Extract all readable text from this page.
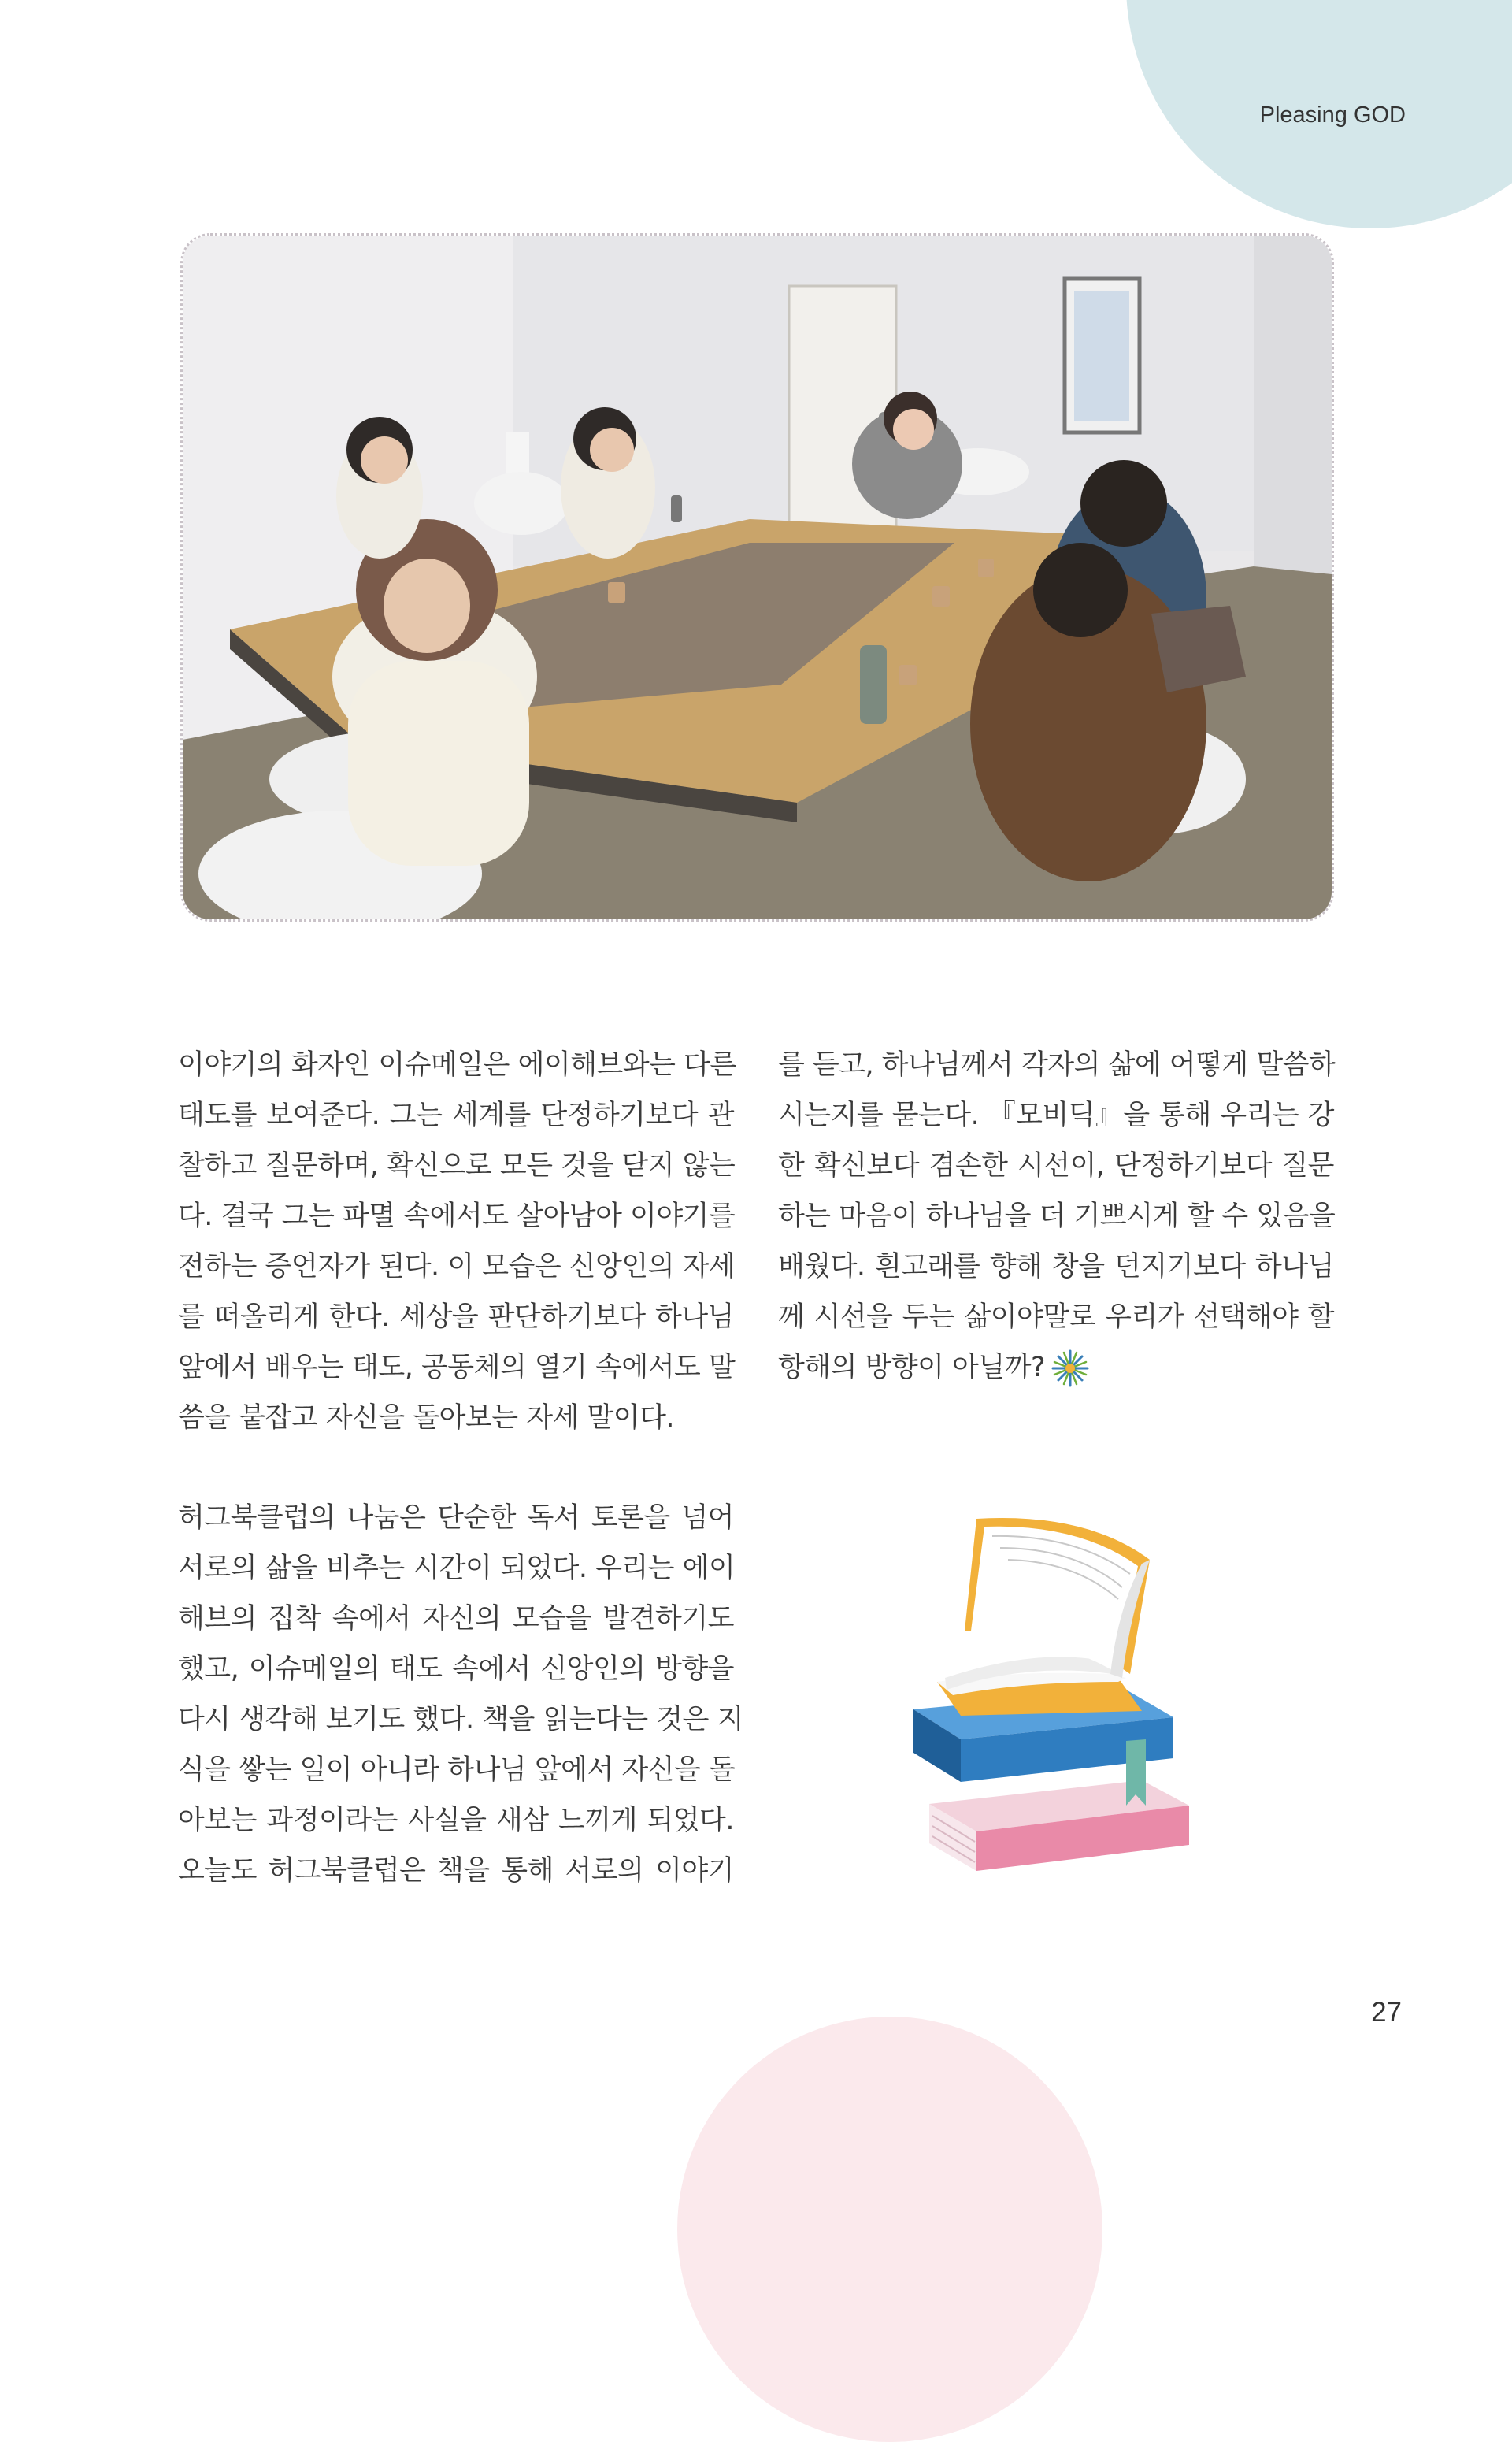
Pleasing GOD

이야기의 화자인 이슈메일은 에이해브와는 다른
태도를 보여준다. 그는 세계를 단정하기보다 관
찰하고 질문하며, 확신으로 모든 것을 닫지 않는
다. 결국 그는 파멸 속에서도 살아남아 이야기를
전하는 증언자가 된다. 이 모습은 신앙인의 자세
를 떠올리게 한다. 세상을 판단하기보다 하나님
앞에서 배우는 태도, 공동체의 열기 속에서도 말
씀을 붙잡고 자신을 돌아보는 자세 말이다.

허그북클럽의 나눔은 단순한 독서 토론을 넘어
서로의 삶을 비추는 시간이 되었다. 우리는 에이
해브의 집착 속에서 자신의 모습을 발견하기도
했고, 이슈메일의 태도 속에서 신앙인의 방향을
다시 생각해 보기도 했다. 책을 읽는다는 것은 지
식을 쌓는 일이 아니라 하나님 앞에서 자신을 돌
아보는 과정이라는 사실을 새삼 느끼게 되었다.
오늘도 허그북클럽은 책을 통해 서로의 이야기

를 듣고, 하나님께서 각자의 삶에 어떻게 말씀하
시는지를 묻는다. 『모비딕』을 통해 우리는 강
한 확신보다 겸손한 시선이, 단정하기보다 질문
하는 마음이 하나님을 더 기쁘시게 할 수 있음을
배웠다. 흰고래를 향해 창을 던지기보다 하나님
께 시선을 두는 삶이야말로 우리가 선택해야 할
항해의 방향이 아닐까?

27
